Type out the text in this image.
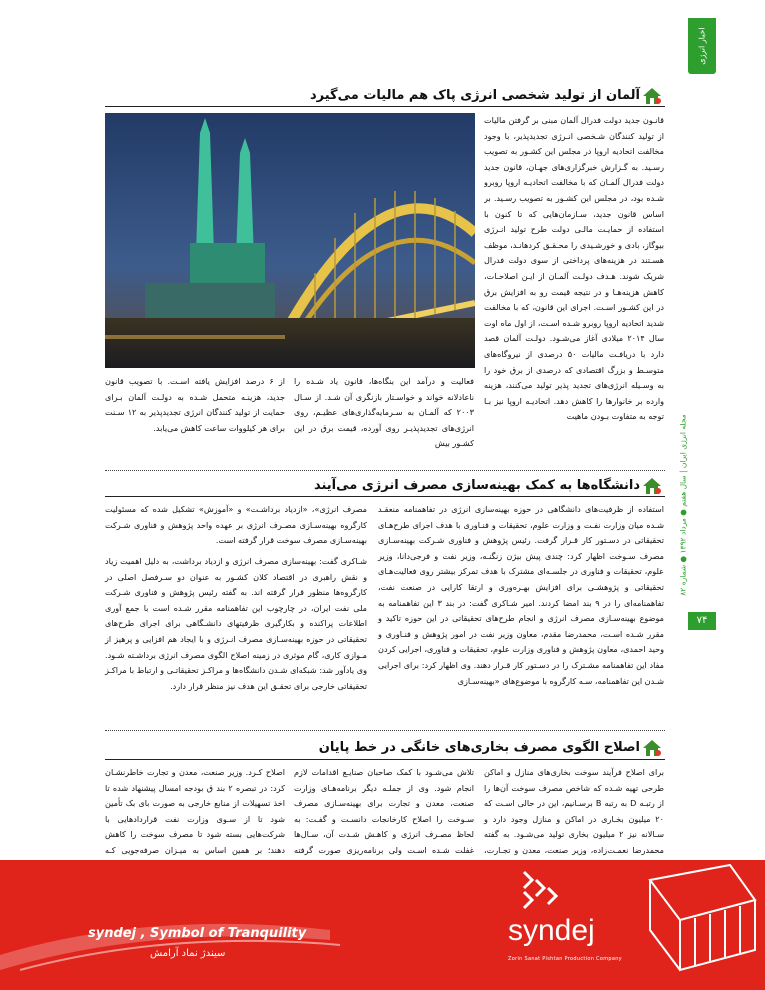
اخبار انرژی
مجله انرژی ایران | سال هفتم ● مرداد ۱۳۹۲ ● شماره ۸۲
۷۴
آلمان از تولید شخصی انرژی پاک هم مالیات می‌گیرد
قانـون جدید دولت فدرال آلمان مبنی بر گرفتن مالیات از تولید کنندگان شـخصی انـرژی تجدیدپذیر، با وجود مخالفت اتحادیه اروپا در مجلس این کشـور به تصویب رسـید. به گـزارش خبرگزاری‌های جهـان، قانون جدید دولت فدرال آلمـان که با مخالفت اتحادیـه اروپا روبرو شـده بود، در مجلس این کشـور به تصویب رسـید. بر اساس قانون جدید، سـازمان‌هایی که تا کنون با استفاده از حمایـت مالـی دولت طرح تولید انـرژی بیوگاز، بادی و خورشـیدی را محـقـق کردهانـد، موظف هسـتند در هزینه‌های پرداختی از سوی دولت فدرال شریک شوند. هـدف دولـت آلمـان از ایـن اصلاحـات، کاهش هزینه‌هـا و در نتیجه قیمت رو به افزایش برق در این کشـور اسـت. اجرای این قانون، که با مخالفت شدید اتحادیه اروپا روبرو شـده اسـت، از اول ماه اوت سال ۲۰۱۴ میلادی آغاز می‌شـود. دولـت آلمان قصد دارد با دریافـت مالیات ۵۰ درصدی از نیروگاه‌های متوسـط و بزرگ اقتصادی که درصدی از برق خود را به وسـیله انرژی‌های تجدید پذیر تولید می‌کنند، هزینه وارده بر خانوارها را کاهش دهد. اتحادیـه اروپا نیز بـا توجه به متفاوت بـودن ماهیت
فعالیت و درآمد این بنگاه‌ها، قانون یاد شـده را ناعادلانه خواند و خواسـتار بازنگری آن شـد. از سـال ۲۰۰۳ که آلمـان به سـرمایه‌گذاری‌های عظیـم، روی انرژی‌های تجدیدپذیـر روی آورده، قیمت برق در این کشـور بیش
از ۶ درصد افزایش یافته اسـت. با تصویب قانون جدید، هزینـه متحمل شـده به دولـت آلمان بـرای حمایت از تولید کنندگان انرژی تجدیدپذیر به ۱۲ سـنت برای هر کیلووات ساعت کاهش می‌یابد.
دانشگاه‌ها به کمک بهینه‌سازی مصرف انرژی می‌آیند
استفاده از ظرفیت‌های دانشگاهی در حوزه بهینه‌سازی انرژی در تفاهمنامه منعقـد شـده میان وزارت نفـت و وزارت علوم، تحقیقات و فنـاوری با هدف اجرای طرح‌هـای تحقیقاتی در دسـتور کار قـرار گرفت. رئیس پژوهش و فناوری شـرکت بهینه‌سـازی مصرف سـوخت اظهار کرد: چندی پیش بیژن زنگنـه، وزیر نفت و فرجی‌دانا، وزیر علوم، تحقیقات و فناوری در جلسـه‌ای مشترک با هدف تمرکز بیشتر روی فعالیت‌هـای تحقیقاتی و پژوهشـی برای افزایش بهـره‌وری و ارتقا کارایی در صنعت نفت، تفاهمنامه‌ای را در ۹ بند امضا کردند. امیر شـاکری گفت: در بند ۳ این تفاهمنامه به موضوع بهینه‌سـازی مصرف انرژی و انجام طرح‌های تحقیقاتی در این حوزه تاکید و مقرر شـده اسـت، محمدرضا مقدم، معاون وزیر نفت در امور پژوهش و فنـاوری و وحید احمدی، معاون پژوهش و فناوری وزارت علوم، تحقیقات و فناوری، اجرایی کردن مفاد این تفاهمنامه مشـترک را در دسـتور کار قـرار دهند. وی اظهار کرد: برای اجرایی شـدن این تفاهمنامه، سـه کارگروه با موضوع‌های «بهینه‌سـازی
مصرف انرژی»، «ازدیاد برداشـت» و «آموزش» تشکیل شده که مسئولیت کارگروه بهینه‌سـازی مصـرف انرژی بر عهده واحد پژوهش و فناوری شـرکت بهینه‌سـازی مصرف سوخت قرار گرفته است.
شـاکری گفت: بهینه‌سازی مصرف انرژی و ازدیاد برداشت، به دلیل اهمیت زیاد و نقش راهبری در اقتصاد کلان کشـور به عنوان دو سـرفصل اصلی در کارگروه‌ها منظور قرار گرفته اند. به گفته رئیس پژوهش و فناوری شـرکت ملی نفت ایران، در چارچوب این تفاهمنامه مقرر شـده است با جمع آوری اطلاعات پراکنده و بکارگیری ظرفیتهای دانشـگاهی برای اجرای طرح‌های تحقیقاتی در حوزه بهینه‌سـازی مصرف انـرژی و با ایجاد هم افزایی و پرهیز از مـوازی کاری، گام موثری در زمینه اصلاح الگوی مصرف انرژی برداشـته شـود. وی یادآور شد: شبکه‌ای شـدن دانشگاه‌ها و مراکـز تحقیقاتـی و ارتباط با مراکـز تحقیقاتی خارجی برای تحقـق این هدف نیز منظر قرار دارد.
اصلاح الگوی مصرف بخاری‌های خانگی در خط پایان
برای اصلاح فرآیند سوخت بخاری‌های منازل و اماکن طرحی تهیه شـده که شاخص مصرف سوخت آن‌ها را از رتبـه D به رتبه B برسـانیم، این در حالی اسـت که ۲۰ میلیون بخـاری در اماکن و منازل وجود دارد و سـالانه نیز ۲ میلیون بخاری تولید می‌شـود. به گفته محمدرضا نعمـت‌زاده، وزیر صنعت، معدن و تجـارت،
تلاش می‌شـود با کمک صاحبان صنایـع اقدامات لازم انجام شود. وی از جملـه دیگر برنامه‌هـای وزارت صنعت، معدن و تجارت برای بهینه‌سـازی مصرف سـوخت را اصلاح کارخانجات دانسـت و گفـت: به لحاظ مصـرف انرژی و کاهـش شـدت آن، سـال‌ها غفلت شـده اسـت ولی برنامه‌ریزی صورت گرفته
اصلاح کـرد. وزیر صنعت، معدن و تجارت خاطرنشـان کرد: در تبصره ۲ بند ق بودجه امسال پیشنهاد شده تا اخذ تسهیلات از منابع خارجی به صورت بای بک تأمین شود تا از سـوی وزارت نفت قراردادهایی با شرکت‌هایی بسته شود تا مصرف سوخت را کاهش دهند؛ بر همین اساس به میـزان صرفه‌جویی کـه
syndej , Symbol of Tranquility
سیندژ نماد آرامش
syndej
Zorin Sanat Pishtan Production Company
